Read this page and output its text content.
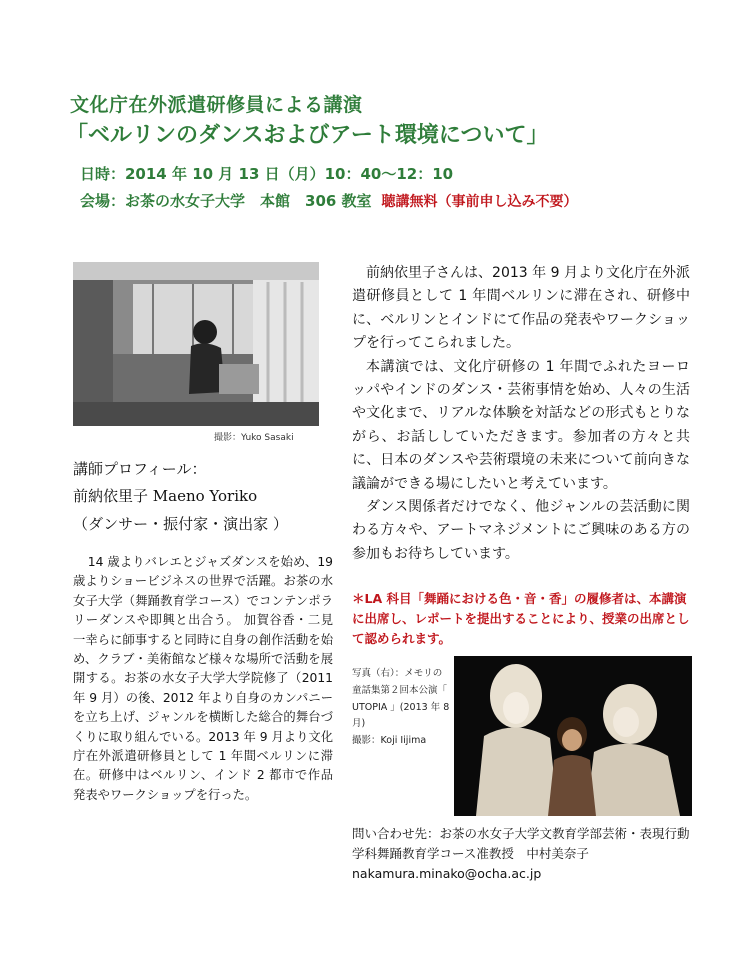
文化庁在外派遣研修員による講演
「ベルリンのダンスおよびアート環境について」
日時：2014 年 10 月 13 日（月）10：40～12：10
会場：お茶の水女子大学　本館　306 教室 聴講無料（事前申し込み不要）
撮影：Yuko Sasaki
講師プロフィール：
前納依里子 Maeno Yoriko
（ダンサー・振付家・演出家 ）
14 歳よりバレエとジャズダンスを始め、19 歳よりショービジネスの世界で活躍。お茶の水女子大学（舞踊教育学コース）でコンテンポラリーダンスや即興と出合う。 加賀谷香・二見一幸らに師事すると同時に自身の創作活動を始め、クラブ・美術館など様々な場所で活動を展開する。お茶の水女子大学大学院修了（2011 年 9 月）の後、2012 年より自身のカンパニーを立ち上げ、ジャンルを横断した総合的舞台づくりに取り組んでいる。2013 年 9 月より文化庁在外派遣研修員として 1 年間ベルリンに滞在。研修中はベルリン、インド 2 都市で作品発表やワークショップを行った。

前納依里子さんは、2013 年 9 月より文化庁在外派遣研修員として 1 年間ベルリンに滞在され、研修中に、ベルリンとインドにて作品の発表やワークショップを行ってこられました。

本講演では、文化庁研修の 1 年間でふれたヨーロッパやインドのダンス・芸術事情を始め、人々の生活や文化まで、リアルな体験を対話などの形式もとりながら、お話ししていただきます。参加者の方々と共に、日本のダンスや芸術環境の未来について前向きな議論ができる場にしたいと考えています。

ダンス関係者だけでなく、他ジャンルの芸活動に関わる方々や、アートマネジメントにご興味のある方の参加もお待ちしています。

＊LA 科目「舞踊における色・音・香」の履修者は、本講演に出席し、レポートを提出することにより、授業の出席として認められます。
写真（右）：メモリの童話集第２回本公演「 UTOPIA 」(2013 年 8 月)
撮影：Koji Iijima
問い合わせ先：お茶の水女子大学文教育学部芸術・表現行動学科舞踊教育学コース准教授　中村美奈子
nakamura.minako@ocha.ac.jp
